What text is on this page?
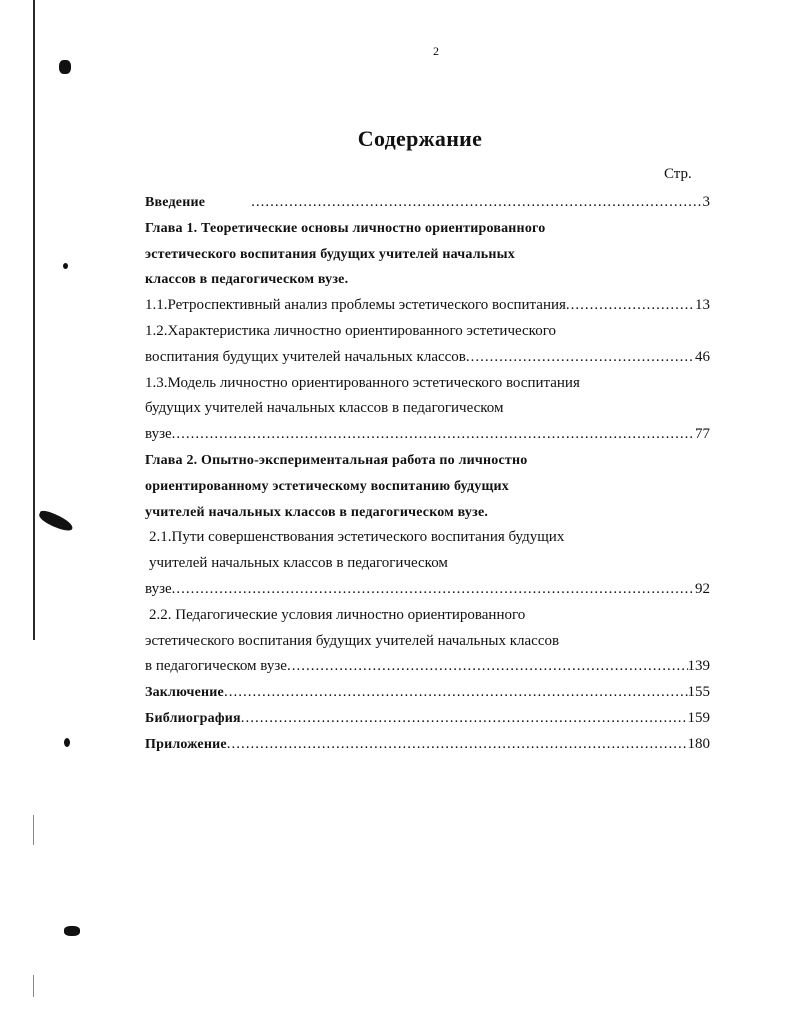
2
Содержание
Стр.
Введение .....	3
Глава 1. Теоретические основы личностно ориентированного
эстетического воспитания будущих учителей начальных
классов в педагогическом вузе.
1.1.Ретроспективный анализ проблемы эстетического воспитания .....	13
1.2.Характеристика личностно ориентированного эстетического
воспитания будущих учителей начальных классов .....	46
1.3.Модель личностно ориентированного эстетического воспитания
будущих учителей начальных классов в педагогическом
вузе .....	77
Глава 2. Опытно-экспериментальная работа по личностно
ориентированному эстетическому воспитанию будущих
учителей начальных классов в педагогическом вузе.
2.1.Пути совершенствования эстетического воспитания будущих
учителей начальных классов в педагогическом
вузе .....	92
2.2. Педагогические условия личностно ориентированного
эстетического воспитания будущих учителей начальных классов
в педагогическом вузе .....	139
Заключение .....	155
Библиография .....	159
Приложение .....	180
